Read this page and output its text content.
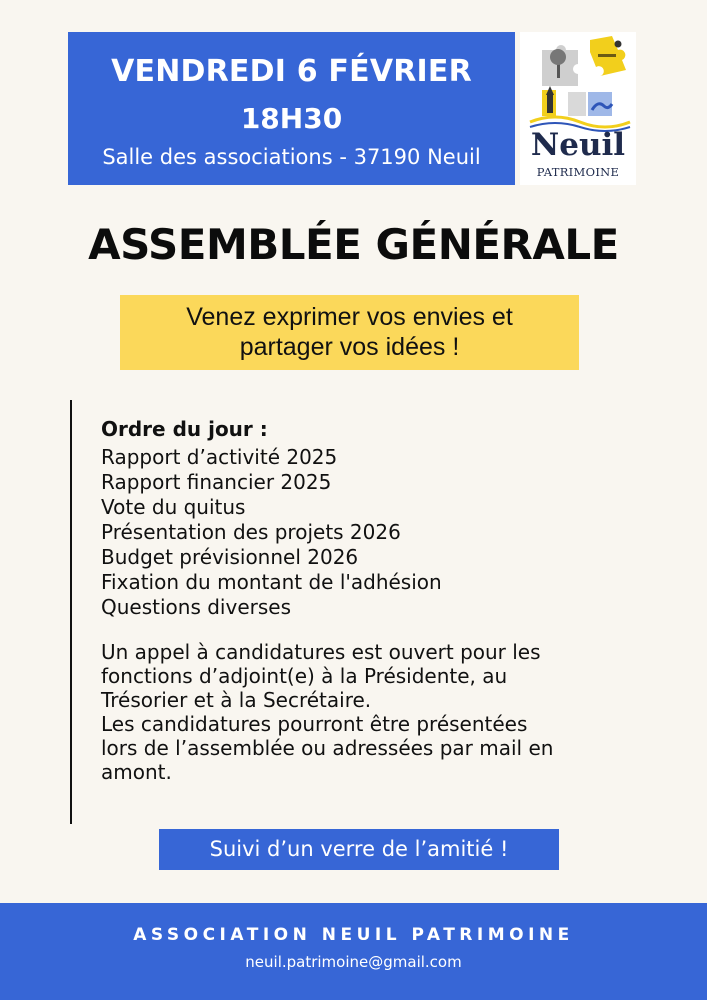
VENDREDI 6 FÉVRIER
18H30
Salle des associations - 37190 Neuil	Neuil
PATRIMOINE
ASSEMBLÉE GÉNÉRALE
Venez exprimer vos envies et
partager vos idées !
Ordre du jour :
Rapport d’activité 2025
Rapport financier 2025
Vote du quitus
Présentation des projets 2026
Budget prévisionnel 2026
Fixation du montant de l'adhésion
Questions diverses

Un appel à candidatures est ouvert pour les

fonctions d’adjoint(e) à la Présidente, au

Trésorier et à la Secrétaire.

Les candidatures pourront être présentées

lors de l’assemblée ou adressées par mail en

amont.

Suivi d’un verre de l’amitié !
ASSOCIATION NEUIL PATRIMOINE
neuil.patrimoine@gmail.com
